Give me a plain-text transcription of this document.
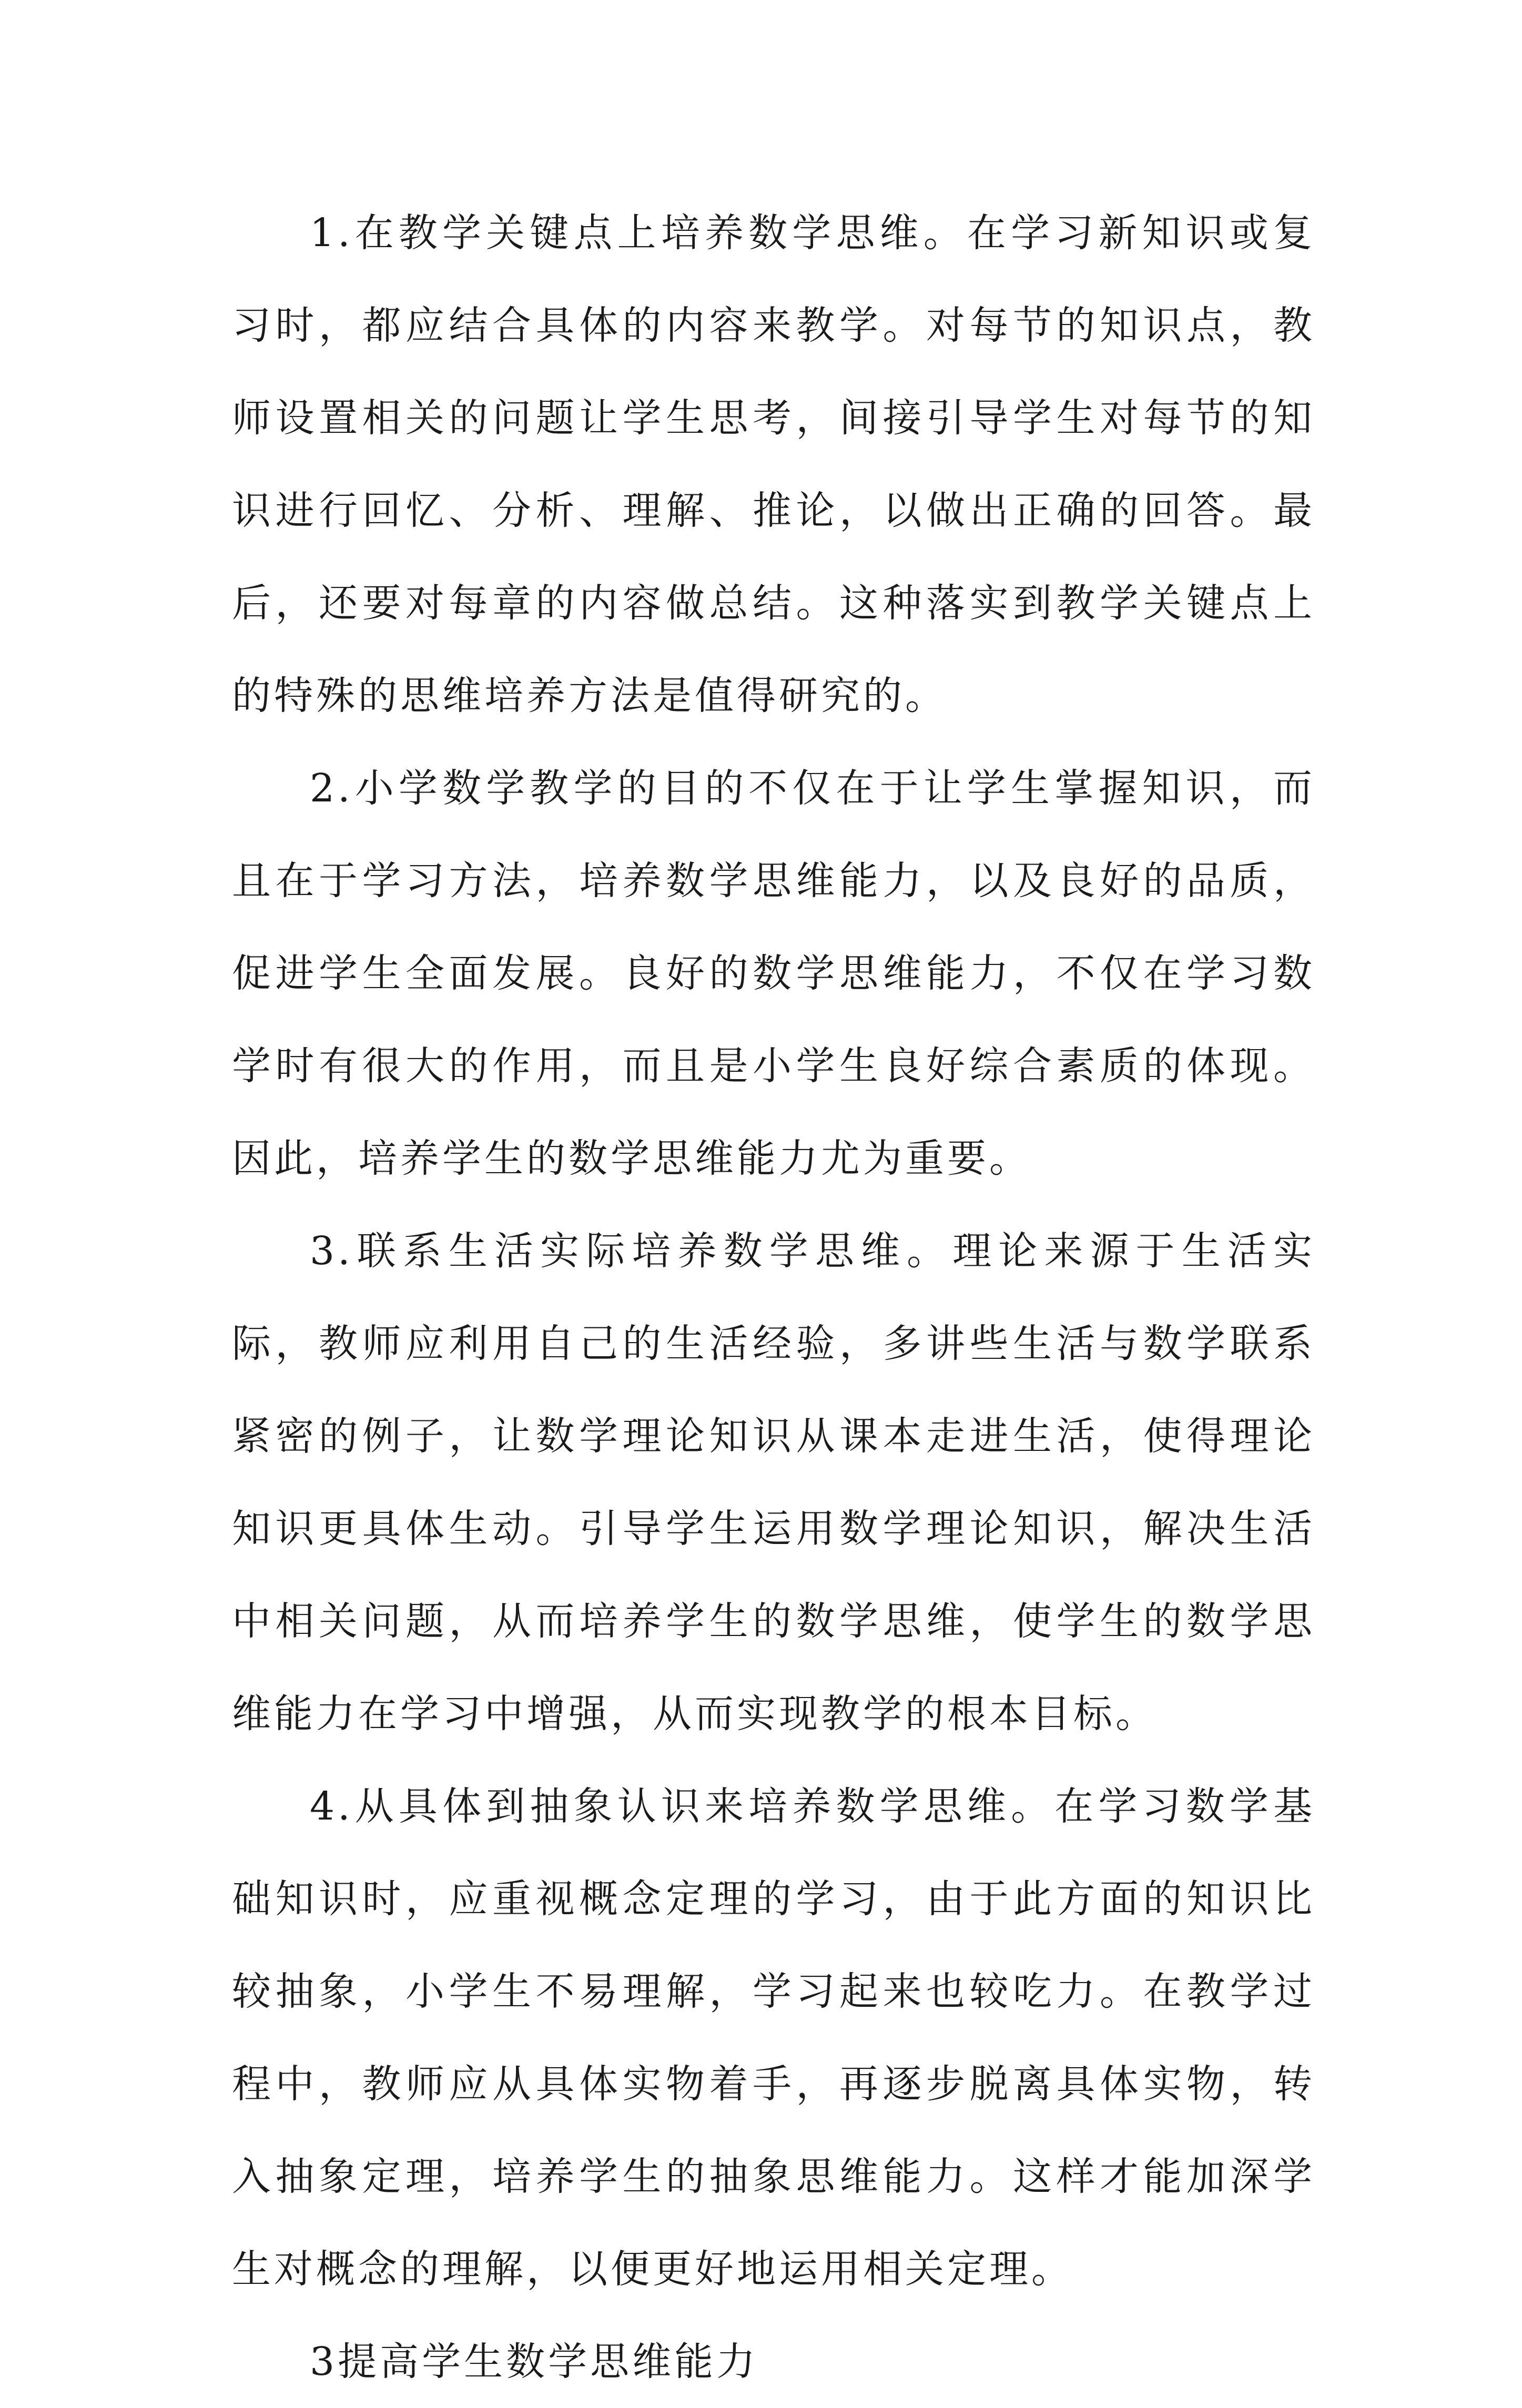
1.在教学关键点上培养数学思维。在学习新知识或复习时，都应结合具体的内容来教学。对每节的知识点，教师设置相关的问题让学生思考，间接引导学生对每节的知识进行回忆、分析、理解、推论，以做出正确的回答。最后，还要对每章的内容做总结。这种落实到教学关键点上的特殊的思维培养方法是值得研究的。

2.小学数学教学的目的不仅在于让学生掌握知识，而且在于学习方法，培养数学思维能力，以及良好的品质，促进学生全面发展。良好的数学思维能力，不仅在学习数学时有很大的作用，而且是小学生良好综合素质的体现。因此，培养学生的数学思维能力尤为重要。

3.联系生活实际培养数学思维。理论来源于生活实际，教师应利用自己的生活经验，多讲些生活与数学联系紧密的例子，让数学理论知识从课本走进生活，使得理论知识更具体生动。引导学生运用数学理论知识，解决生活中相关问题，从而培养学生的数学思维，使学生的数学思维能力在学习中增强，从而实现教学的根本目标。

4.从具体到抽象认识来培养数学思维。在学习数学基础知识时，应重视概念定理的学习，由于此方面的知识比较抽象，小学生不易理解，学习起来也较吃力。在教学过程中，教师应从具体实物着手，再逐步脱离具体实物，转入抽象定理，培养学生的抽象思维能力。这样才能加深学生对概念的理解，以便更好地运用相关定理。

3提高学生数学思维能力
